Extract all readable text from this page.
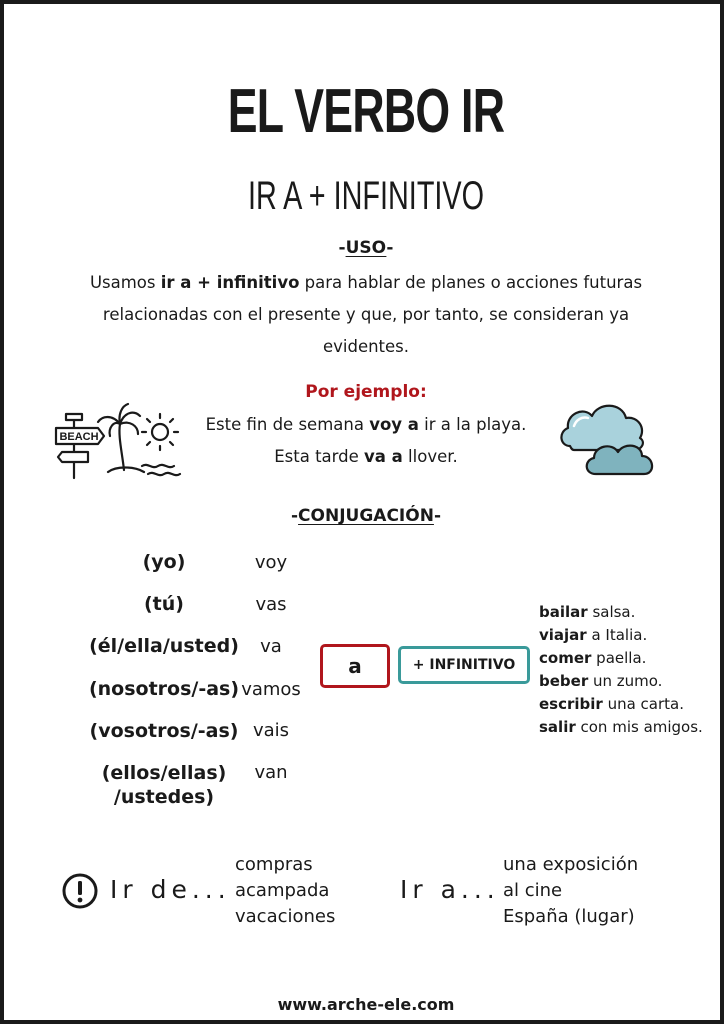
EL VERBO IR
IR A + INFINITIVO
-USO-
Usamos ir a + infinitivo para hablar de planes o acciones futuras relacionadas con el presente y que, por tanto, se consideran ya evidentes.
Por ejemplo:
Este fin de semana voy a ir a la playa.
Esta tarde va a llover.
BEACH
-CONJUGACIÓN-
(yo)
(tú)
(él/ella/usted)
(nosotros/-as)
(vosotros/-as)
(ellos/ellas)
/ustedes)
voy
vas
va
vamos
vais
van
a	+ INFINITIVO
bailar salsa.
viajar a Italia.
comer paella.
beber un zumo.
escribir una carta.
salir con mis amigos.
Ir de...
compras
acampada
vacaciones
Ir a...
una exposición
al cine
España (lugar)
www.arche-ele.com
